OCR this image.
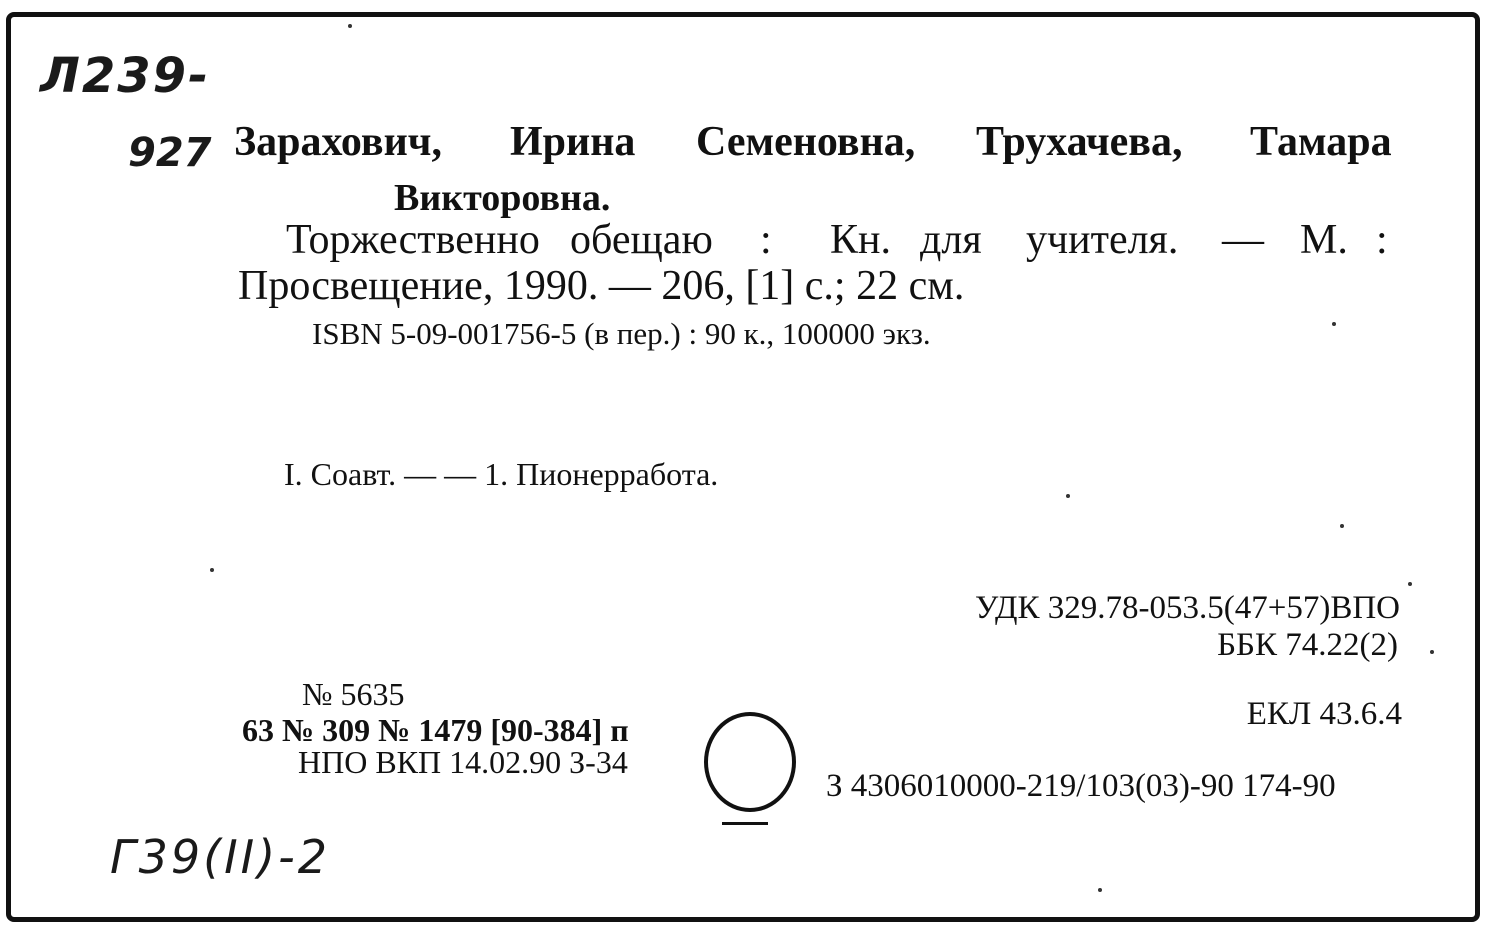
Л239-
927 Зарахович, Ирина Семеновна, Трухачева, Тамара
Викторовна.
Торжественно обещаю : Кн. для учителя. — М. :
Просвещение, 1990. — 206, [1] с.; 22 см.
ISBN 5-09-001756-5 (в пер.) : 90 к., 100000 экз.
I. Соавт. — — 1. Пионерработа.
УДК 329.78-053.5(47+57)ВПО
ББК 74.22(2)
ЕКЛ 43.6.4
№ 5635
63 № 309 № 1479 [90-384] п
НПО ВКП 14.02.90 З-34
З 4306010000-219/103(03)-90 174-90
Г39(II)-2
